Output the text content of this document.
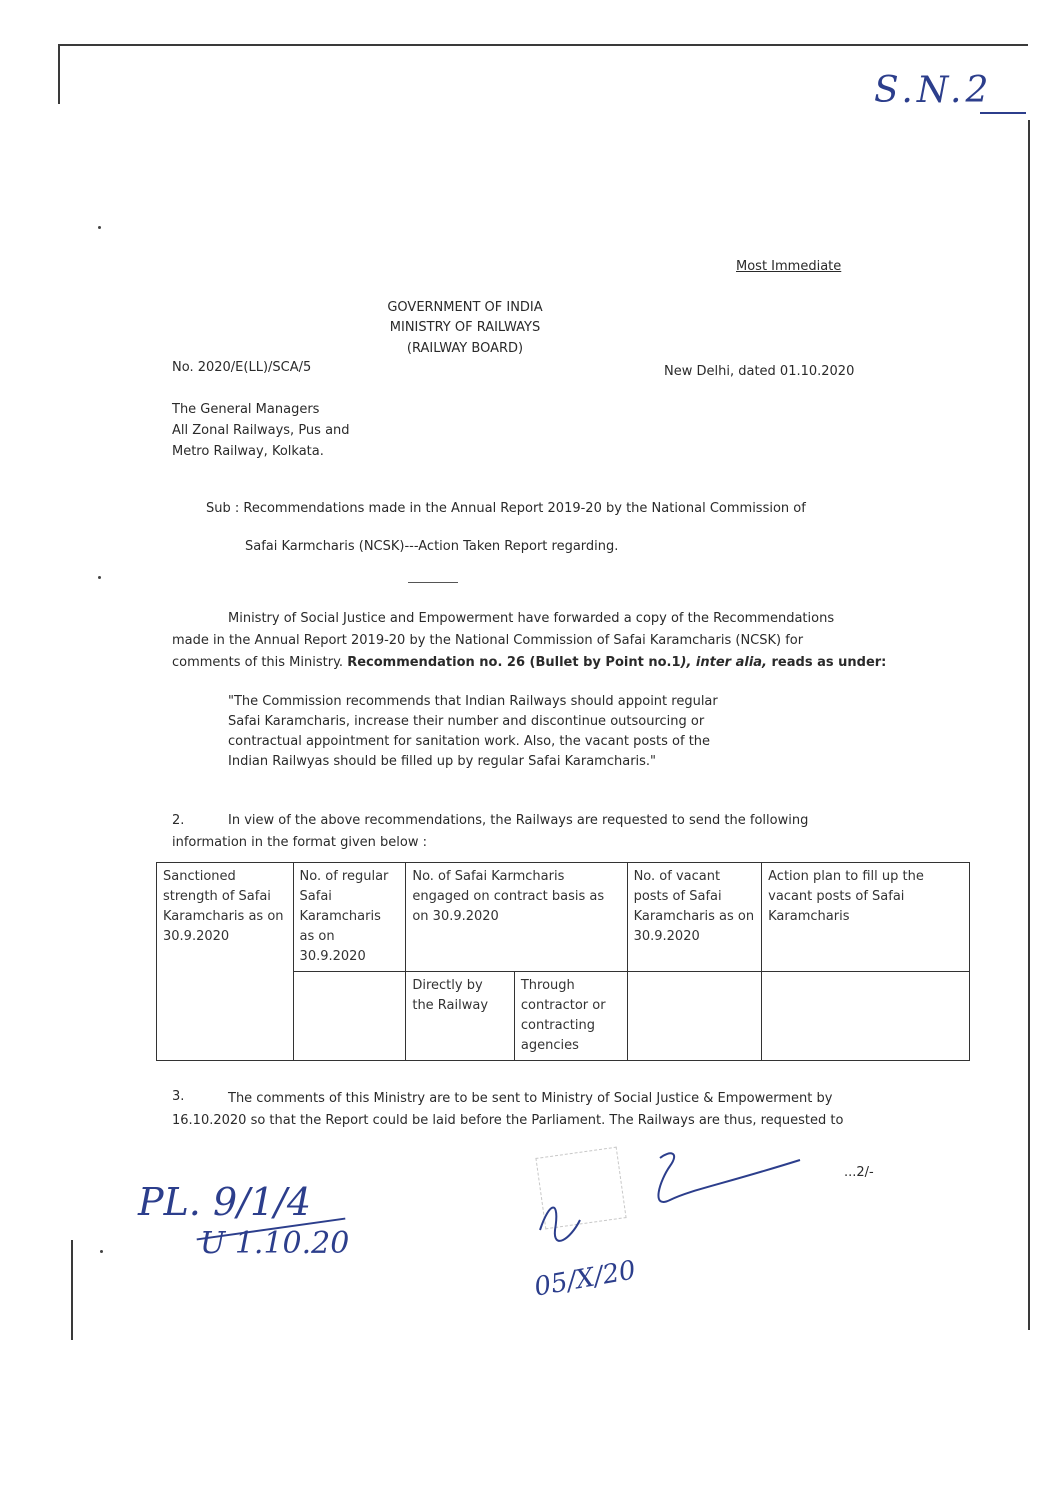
S.N.2
Most Immediate
GOVERNMENT OF INDIA
MINISTRY OF RAILWAYS
(RAILWAY BOARD)
No. 2020/E(LL)/SCA/5	New Delhi, dated 01.10.2020
The General Managers
All Zonal Railways, Pus and
Metro Railway, Kolkata.
Sub : Recommendations made in the Annual Report 2019-20 by the National Commission of
Safai Karmcharis (NCSK)---Action Taken Report regarding.
Ministry of Social Justice and Empowerment have forwarded a copy of the Recommendations
made in the Annual Report 2019-20 by the National Commission of Safai Karamcharis (NCSK) for
comments of this Ministry. Recommendation no. 26 (Bullet by Point no.1), inter alia, reads as under:
"The Commission recommends that Indian Railways should appoint regular
Safai Karamcharis, increase their number and discontinue outsourcing or
contractual appointment for sanitation work. Also, the vacant posts of the
Indian Railwyas should be filled up by regular Safai Karamcharis."
2.	In view of the above recommendations, the Railways are requested to send the following
information in the format given below :
Sanctioned strength of Safai Karamcharis as on 30.9.2020	No. of regular Safai Karamcharis as on 30.9.2020	No. of Safai Karmcharis engaged on contract basis as on 30.9.2020		No. of vacant posts of Safai Karamcharis as on 30.9.2020	Action plan to fill up the vacant posts of Safai Karamcharis
		Directly by the Railway	Through contractor or contracting agencies		
3.	The comments of this Ministry are to be sent to Ministry of Social Justice & Empowerment by
16.10.2020 so that the Report could be laid before the Parliament. The Railways are thus, requested to
...2/-
PL. 9/1/4
U 1.10.20
05/X/20
